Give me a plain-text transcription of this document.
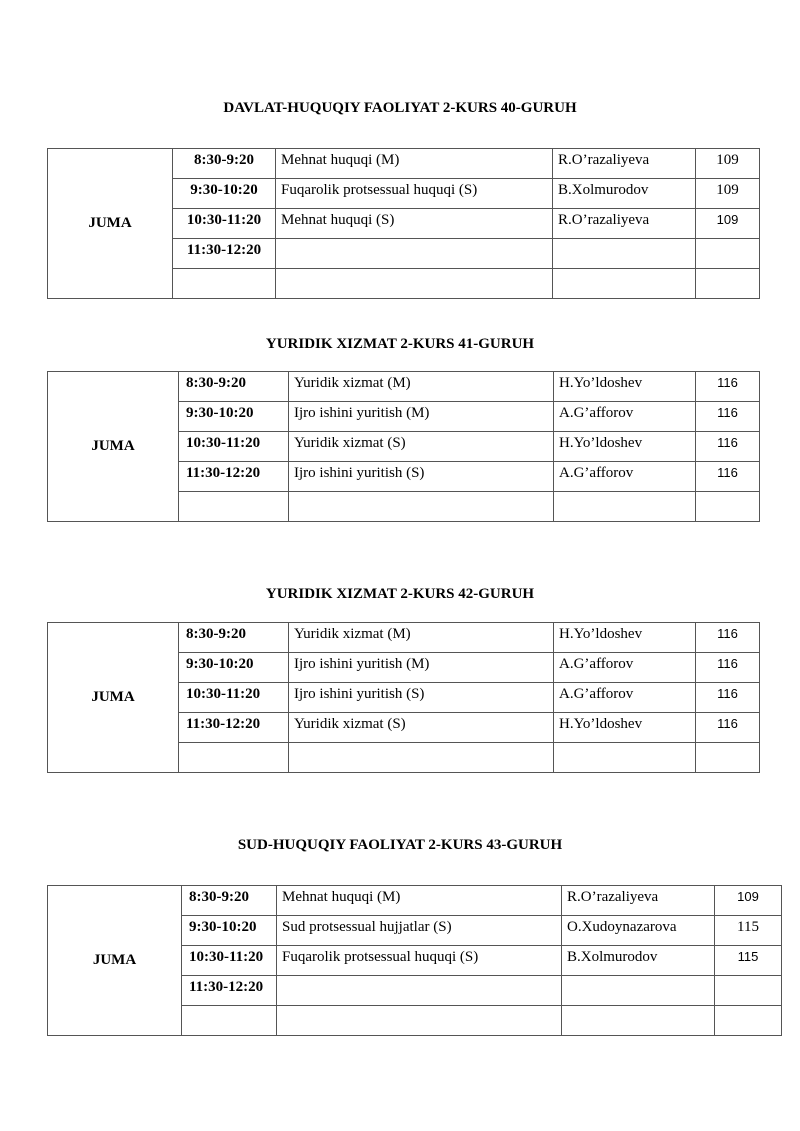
DAVLAT-HUQUQIY FAOLIYAT 2-KURS 40-GURUH
JUMA	8:30-9:20	Mehnat huquqi (M)	R.O’razaliyeva	109
	9:30-10:20	Fuqarolik protsessual huquqi (S)	B.Xolmurodov	109
	10:30-11:20	Mehnat huquqi (S)	R.O’razaliyeva	109
	11:30-12:20			

YURIDIK XIZMAT 2-KURS 41-GURUH
JUMA	8:30-9:20	Yuridik xizmat (M)	H.Yo’ldoshev	116
	9:30-10:20	Ijro ishini yuritish (M)	A.G’afforov	116
	10:30-11:20	Yuridik xizmat (S)	H.Yo’ldoshev	116
	11:30-12:20	Ijro ishini yuritish (S)	A.G’afforov	116

YURIDIK XIZMAT 2-KURS 42-GURUH
JUMA	8:30-9:20	Yuridik xizmat (M)	H.Yo’ldoshev	116
	9:30-10:20	Ijro ishini yuritish (M)	A.G’afforov	116
	10:30-11:20	Ijro ishini yuritish (S)	A.G’afforov	116
	11:30-12:20	Yuridik xizmat (S)	H.Yo’ldoshev	116

SUD-HUQUQIY FAOLIYAT 2-KURS 43-GURUH
JUMA	8:30-9:20	Mehnat huquqi (M)	R.O’razaliyeva	109
	9:30-10:20	Sud protsessual hujjatlar (S)	O.Xudoynazarova	115
	10:30-11:20	Fuqarolik protsessual huquqi (S)	B.Xolmurodov	115
	11:30-12:20			
